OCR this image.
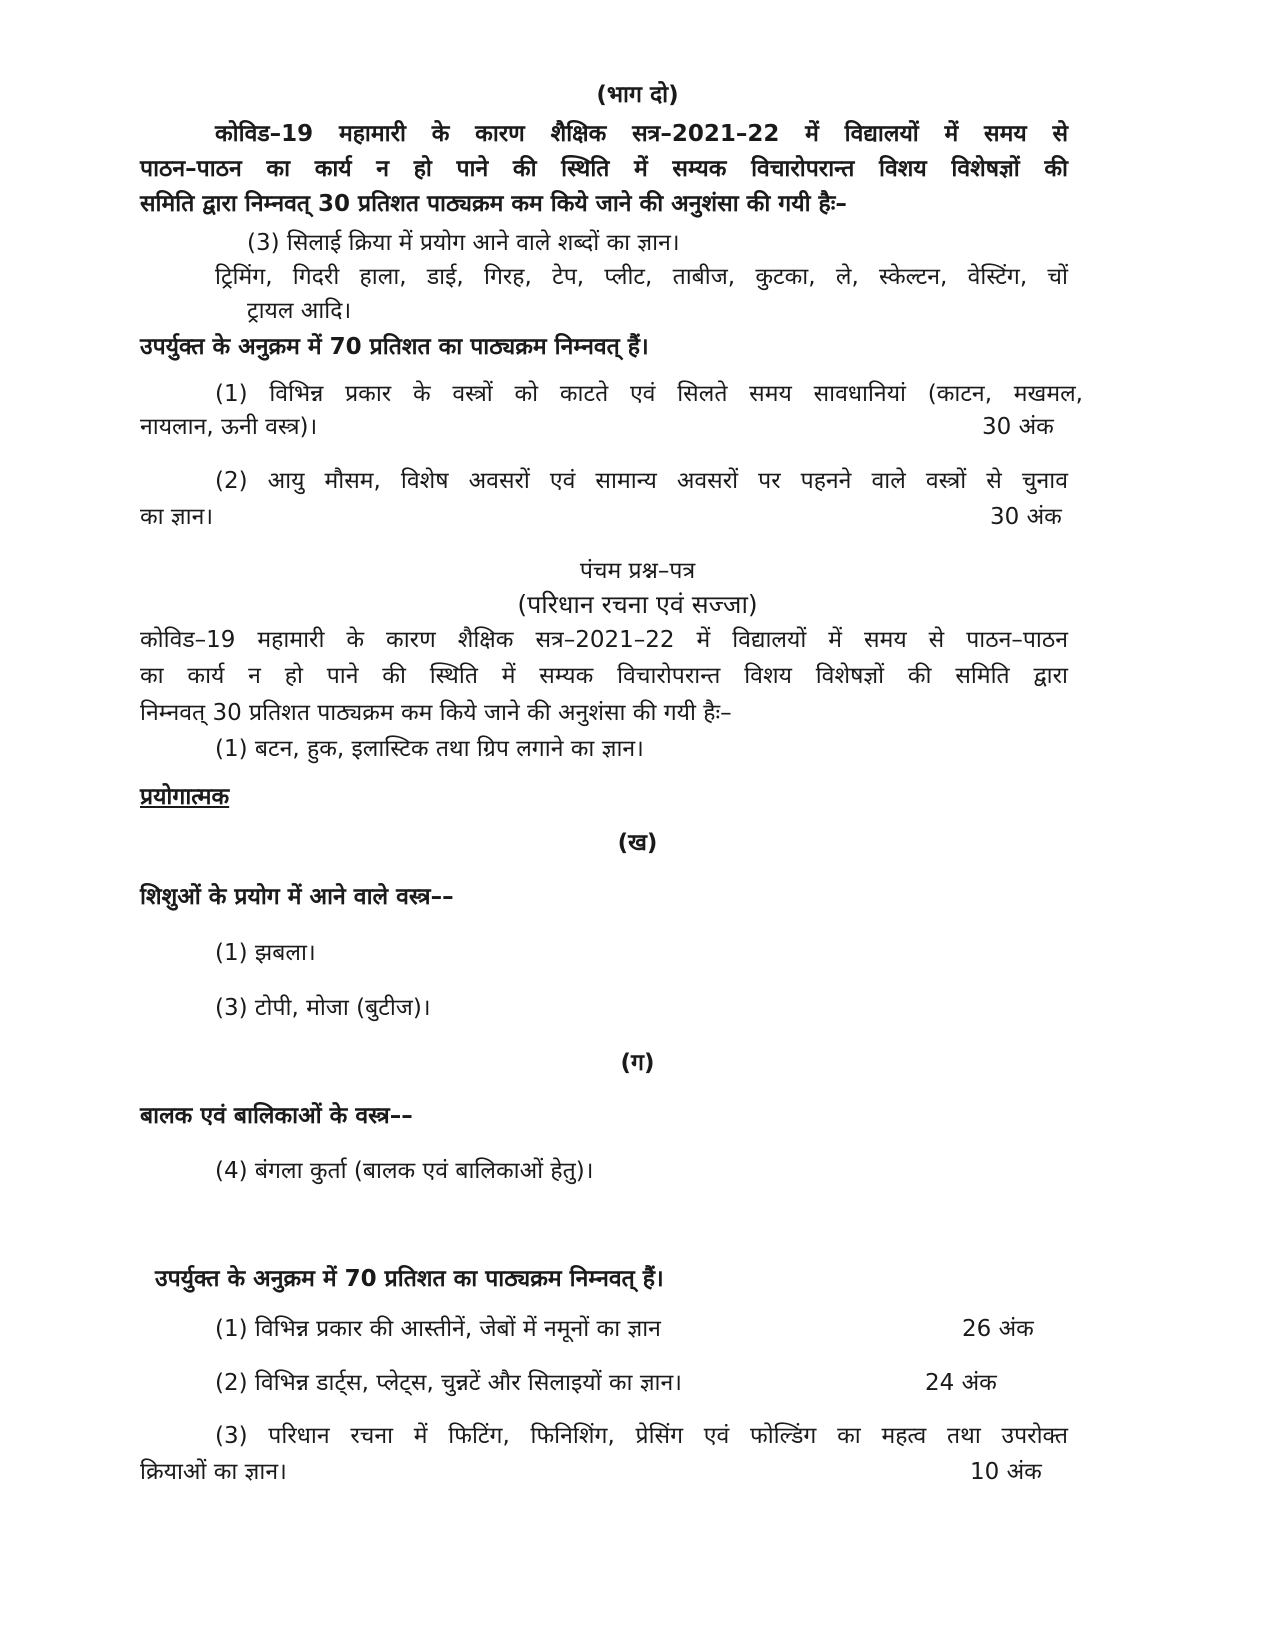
(भाग दो)
कोविड–19 महामारी के कारण शैक्षिक सत्र–2021–22 में विद्यालयों में समय से
पाठन–पाठन का कार्य न हो पाने की स्थिति में सम्यक विचारोपरान्त विशय विशेषज्ञों की
समिति द्वारा निम्नवत् 30 प्रतिशत पाठ्यक्रम कम किये जाने की अनुशंसा की गयी हैः–
(3) सिलाई क्रिया में प्रयोग आने वाले शब्दों का ज्ञान।
ट्रिमिंग, गिदरी हाला, डाई, गिरह, टेप, प्लीट, ताबीज, कुटका, ले, स्केल्टन, वेस्टिंग, चों
ट्रायल आदि।
उपर्युक्त के अनुक्रम में 70 प्रतिशत का पाठ्यक्रम निम्नवत् हैं।
(1) विभिन्न प्रकार के वस्त्रों को काटते एवं सिलते समय सावधानियां (काटन, मखमल,
नायलान, ऊनी वस्त्र)।	30 अंक
(2) आयु मौसम, विशेष अवसरों एवं सामान्य अवसरों पर पहनने वाले वस्त्रों से चुनाव
का ज्ञान।	30 अंक
पंचम प्रश्न–पत्र
(परिधान रचना एवं सज्जा)
कोविड–19 महामारी के कारण शैक्षिक सत्र–2021–22 में विद्यालयों में समय से पाठन–पाठन
का कार्य न हो पाने की स्थिति में सम्यक विचारोपरान्त विशय विशेषज्ञों की समिति द्वारा
निम्नवत् 30 प्रतिशत पाठ्यक्रम कम किये जाने की अनुशंसा की गयी हैः–
(1) बटन, हुक, इलास्टिक तथा ग्रिप लगाने का ज्ञान।
प्रयोगात्मक
(ख)
शिशुओं के प्रयोग में आने वाले वस्त्र––
(1) झबला।
(3) टोपी, मोजा (बुटीज)।
(ग)
बालक एवं बालिकाओं के वस्त्र––
(4) बंगला कुर्ता (बालक एवं बालिकाओं हेतु)।
उपर्युक्त के अनुक्रम में 70 प्रतिशत का पाठ्यक्रम निम्नवत् हैं।
(1) विभिन्न प्रकार की आस्तीनें, जेबों में नमूनों का ज्ञान	26 अंक
(2) विभिन्न डार्ट्स, प्लेट्स, चुन्नटें और सिलाइयों का ज्ञान।	24 अंक
(3) परिधान रचना में फिटिंग, फिनिशिंग, प्रेसिंग एवं फोल्डिंग का महत्व तथा उपरोक्त
क्रियाओं का ज्ञान।	10 अंक
